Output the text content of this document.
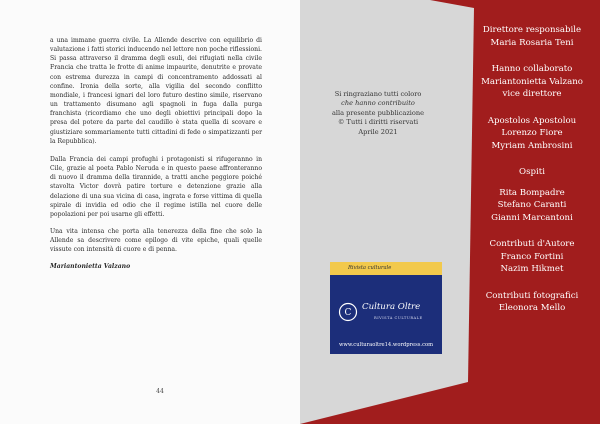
a una immane guerra civile. La Allende descrive con equilibrio di valutazione i fatti storici inducendo nel lettore non poche riflessioni. Si passa attraverso il dramma degli esuli, dei rifugiati nella civile Francia che tratta le frotte di anime impaurite, denutrite e provate con estrema durezza in campi di concentramento addossati al confine. Ironia della sorte, alla vigilia del secondo conflitto mondiale, i francesi ignari del loro futuro destino simile, riservano un trattamento disumano agli spagnoli in fuga dalla purga franchista (ricordiamo che uno degli obiettivi principali dopo la presa del potere da parte del caudillo è stata quella di scovare e giustiziare sommariamente tutti cittadini di fede o simpatizzanti per la Repubblica).

Dalla Francia dei campi profughi i protagonisti si rifugeranno in Cile, grazie al poeta Pablo Neruda e in questo paese affronteranno di nuovo il dramma della tirannide, a tratti anche peggiore poiché stavolta Victor dovrà patire torture e detenzione grazie alla delazione di una sua vicina di casa, ingrata e forse vittima di quella spirale di invidia ed odio che il regime istilla nel cuore delle popolazioni per poi usarne gli effetti.

Una vita intensa che porta alla tenerezza della fine che solo la Allende sa descrivere come epilogo di vite epiche, quali quelle vissute con intensità di cuore e di penna.

Mariantonietta Valzano

44
Si ringraziano tutti coloro
che hanno contribuito
alla presente pubblicazione
© Tutti i diritti riservati
Aprile 2021
Direttore responsabile
Maria Rosaria Teni
Hanno collaborato
Mariantonietta Valzano
vice direttore
Apostolos Apostolou
Lorenzo Fiore
Myriam Ambrosini
Ospiti
Rita Bompadre
Stefano Caranti
Gianni Marcantoni
Contributi d'Autore
Franco Fortini
Nazim Hikmet
Contributi fotografici
Eleonora Mello
Rivista culturale
C
Cultura Oltre
RIVISTA CULTURALE
www.culturaoltre14.wordpress.com
